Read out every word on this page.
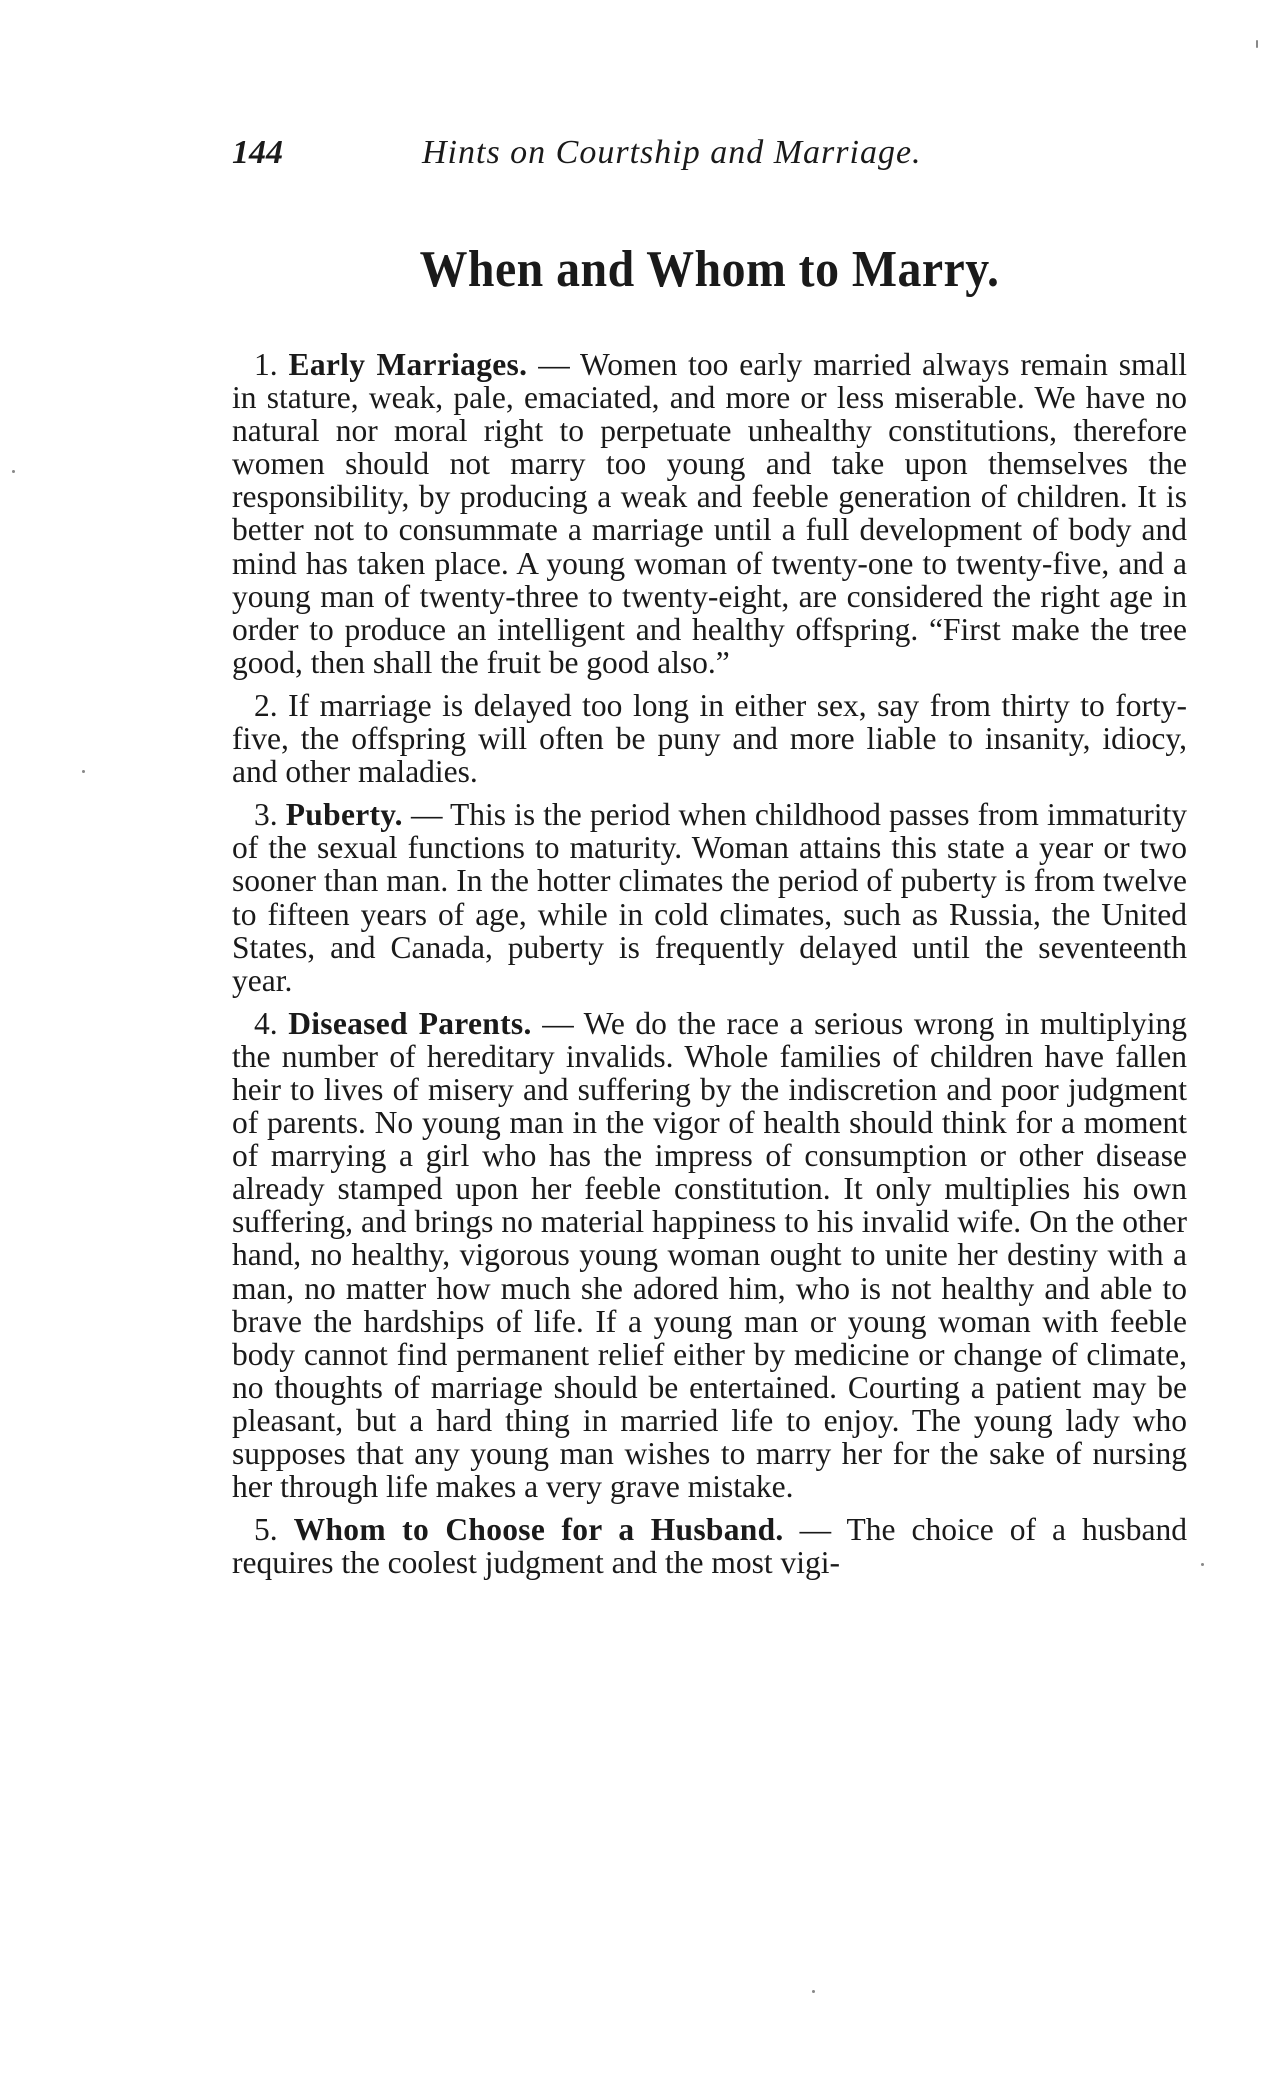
144	Hints on Courtship and Marriage.
When and Whom to Marry.

1. Early Marriages. — Women too early married always remain small in stature, weak, pale, emaciated, and more or less miserable. We have no natural nor moral right to perpetuate unhealthy constitutions, therefore women should not marry too young and take upon themselves the responsibility, by producing a weak and feeble generation of children. It is better not to consummate a marriage until a full development of body and mind has taken place. A young woman of twenty-one to twenty-five, and a young man of twenty-three to twenty-eight, are considered the right age in order to produce an intelligent and healthy offspring. “First make the tree good, then shall the fruit be good also.”

2. If marriage is delayed too long in either sex, say from thirty to forty-five, the offspring will often be puny and more liable to insanity, idiocy, and other maladies.

3. Puberty. — This is the period when childhood passes from immaturity of the sexual functions to maturity. Woman attains this state a year or two sooner than man. In the hotter climates the period of puberty is from twelve to fifteen years of age, while in cold climates, such as Russia, the United States, and Canada, puberty is frequently delayed until the seventeenth year.

4. Diseased Parents. — We do the race a serious wrong in multiplying the number of hereditary invalids. Whole families of children have fallen heir to lives of misery and suffering by the indiscretion and poor judgment of parents. No young man in the vigor of health should think for a moment of marrying a girl who has the impress of consumption or other disease already stamped upon her feeble constitution. It only multiplies his own suffering, and brings no material happiness to his invalid wife. On the other hand, no healthy, vigorous young woman ought to unite her destiny with a man, no matter how much she adored him, who is not healthy and able to brave the hardships of life. If a young man or young woman with feeble body cannot find permanent relief either by medicine or change of climate, no thoughts of marriage should be entertained. Courting a patient may be pleasant, but a hard thing in married life to enjoy. The young lady who supposes that any young man wishes to marry her for the sake of nursing her through life makes a very grave mistake.

5. Whom to Choose for a Husband. — The choice of a husband requires the coolest judgment and the most vigi-
